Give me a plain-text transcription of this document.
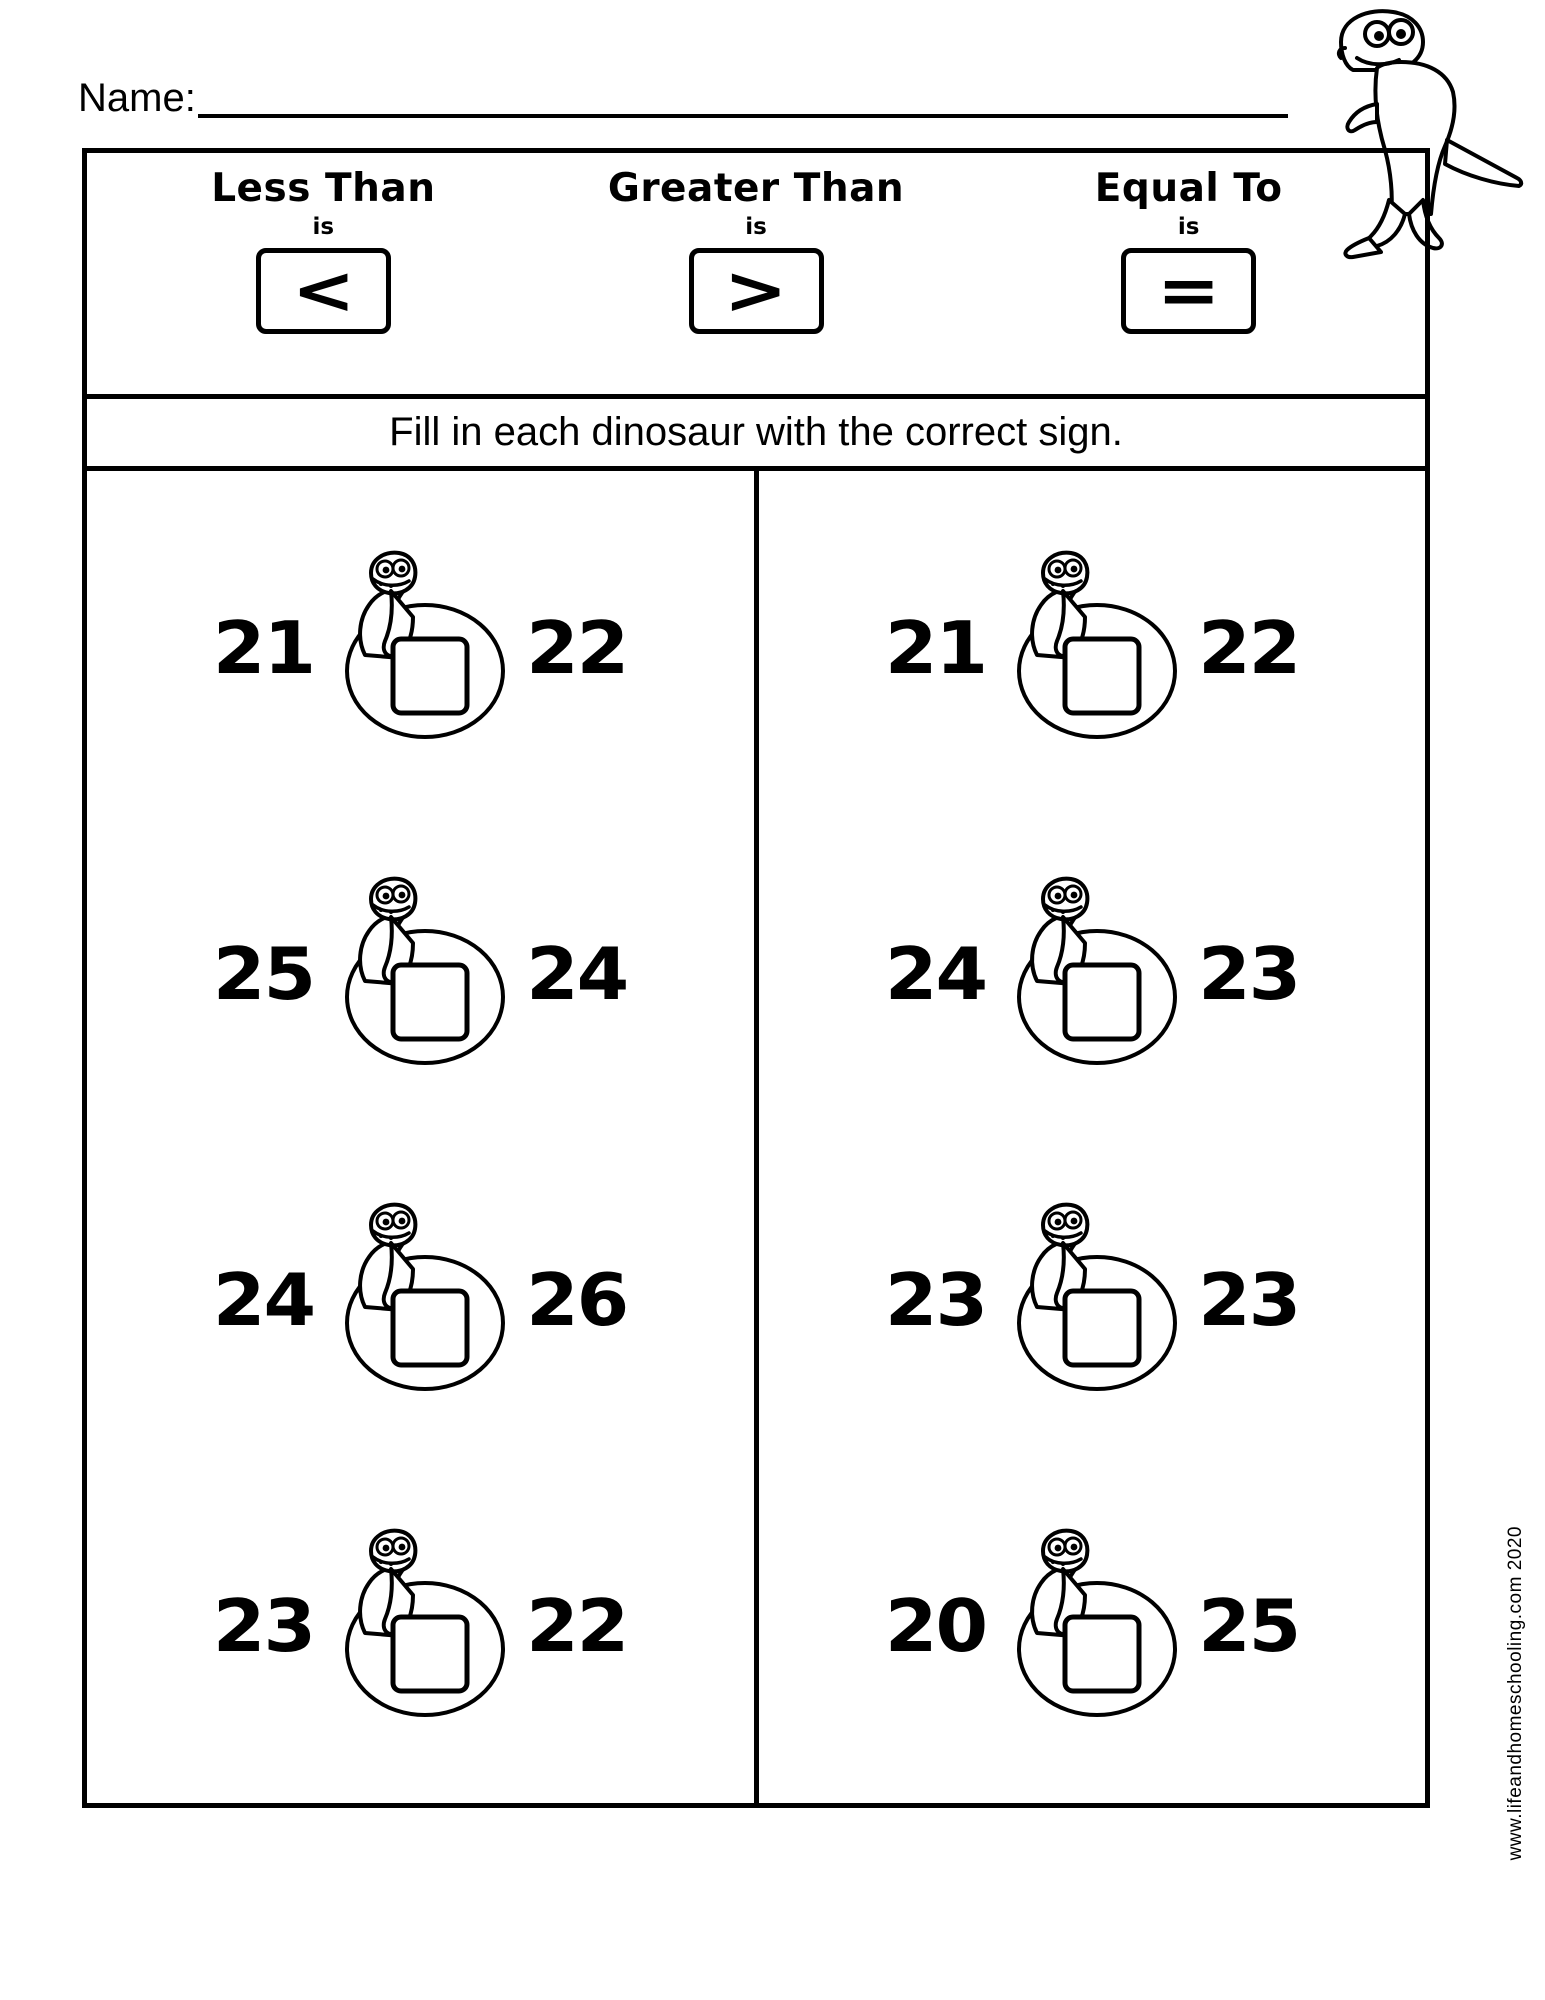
Name:
Less Than
is
<
Greater Than
is
>
Equal To
is
=
Fill in each dinosaur with the correct sign.
21	22
25	24
24	26
23	22
21	22
24	23
23	23
20	25	www.lifeandhomeschooling.com 2020
